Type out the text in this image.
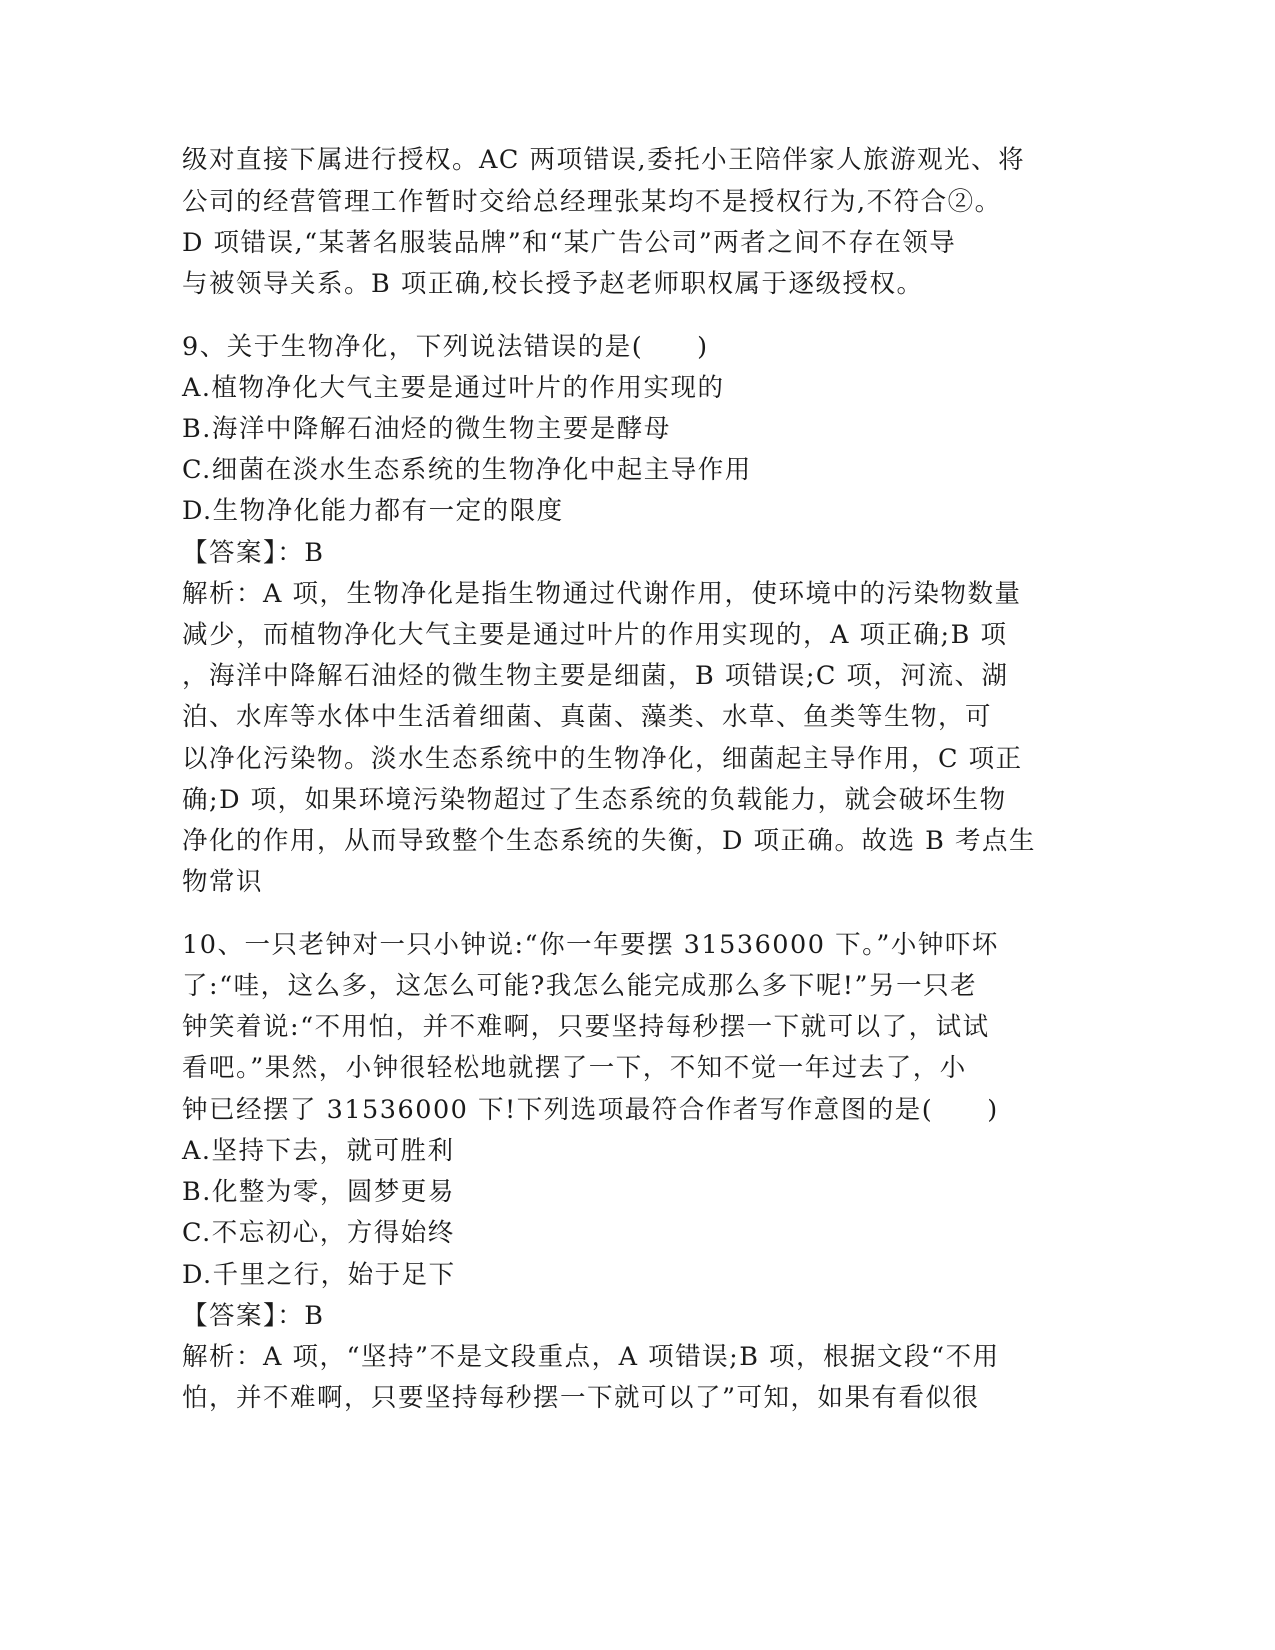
级对直接下属进行授权。AC 两项错误,委托小王陪伴家人旅游观光、将
公司的经营管理工作暂时交给总经理张某均不是授权行为,不符合②。
D 项错误,“某著名服装品牌”和“某广告公司”两者之间不存在领导
与被领导关系。B 项正确,校长授予赵老师职权属于逐级授权。
9、关于生物净化，下列说法错误的是(　　)
A.植物净化大气主要是通过叶片的作用实现的
B.海洋中降解石油烃的微生物主要是酵母
C.细菌在淡水生态系统的生物净化中起主导作用
D.生物净化能力都有一定的限度
【答案】：B
解析：A 项，生物净化是指生物通过代谢作用，使环境中的污染物数量
减少，而植物净化大气主要是通过叶片的作用实现的，A 项正确;B 项
，海洋中降解石油烃的微生物主要是细菌，B 项错误;C 项，河流、湖
泊、水库等水体中生活着细菌、真菌、藻类、水草、鱼类等生物，可
以净化污染物。淡水生态系统中的生物净化，细菌起主导作用，C 项正
确;D 项，如果环境污染物超过了生态系统的负载能力，就会破坏生物
净化的作用，从而导致整个生态系统的失衡，D 项正确。故选 B 考点生
物常识
10、一只老钟对一只小钟说:“你一年要摆 31536000 下。”小钟吓坏
了:“哇，这么多，这怎么可能?我怎么能完成那么多下呢!”另一只老
钟笑着说:“不用怕，并不难啊，只要坚持每秒摆一下就可以了，试试
看吧。”果然，小钟很轻松地就摆了一下，不知不觉一年过去了，小
钟已经摆了 31536000 下!下列选项最符合作者写作意图的是(　　)
A.坚持下去，就可胜利
B.化整为零，圆梦更易
C.不忘初心，方得始终
D.千里之行，始于足下
【答案】：B
解析：A 项，“坚持”不是文段重点，A 项错误;B 项，根据文段“不用
怕，并不难啊，只要坚持每秒摆一下就可以了”可知，如果有看似很
